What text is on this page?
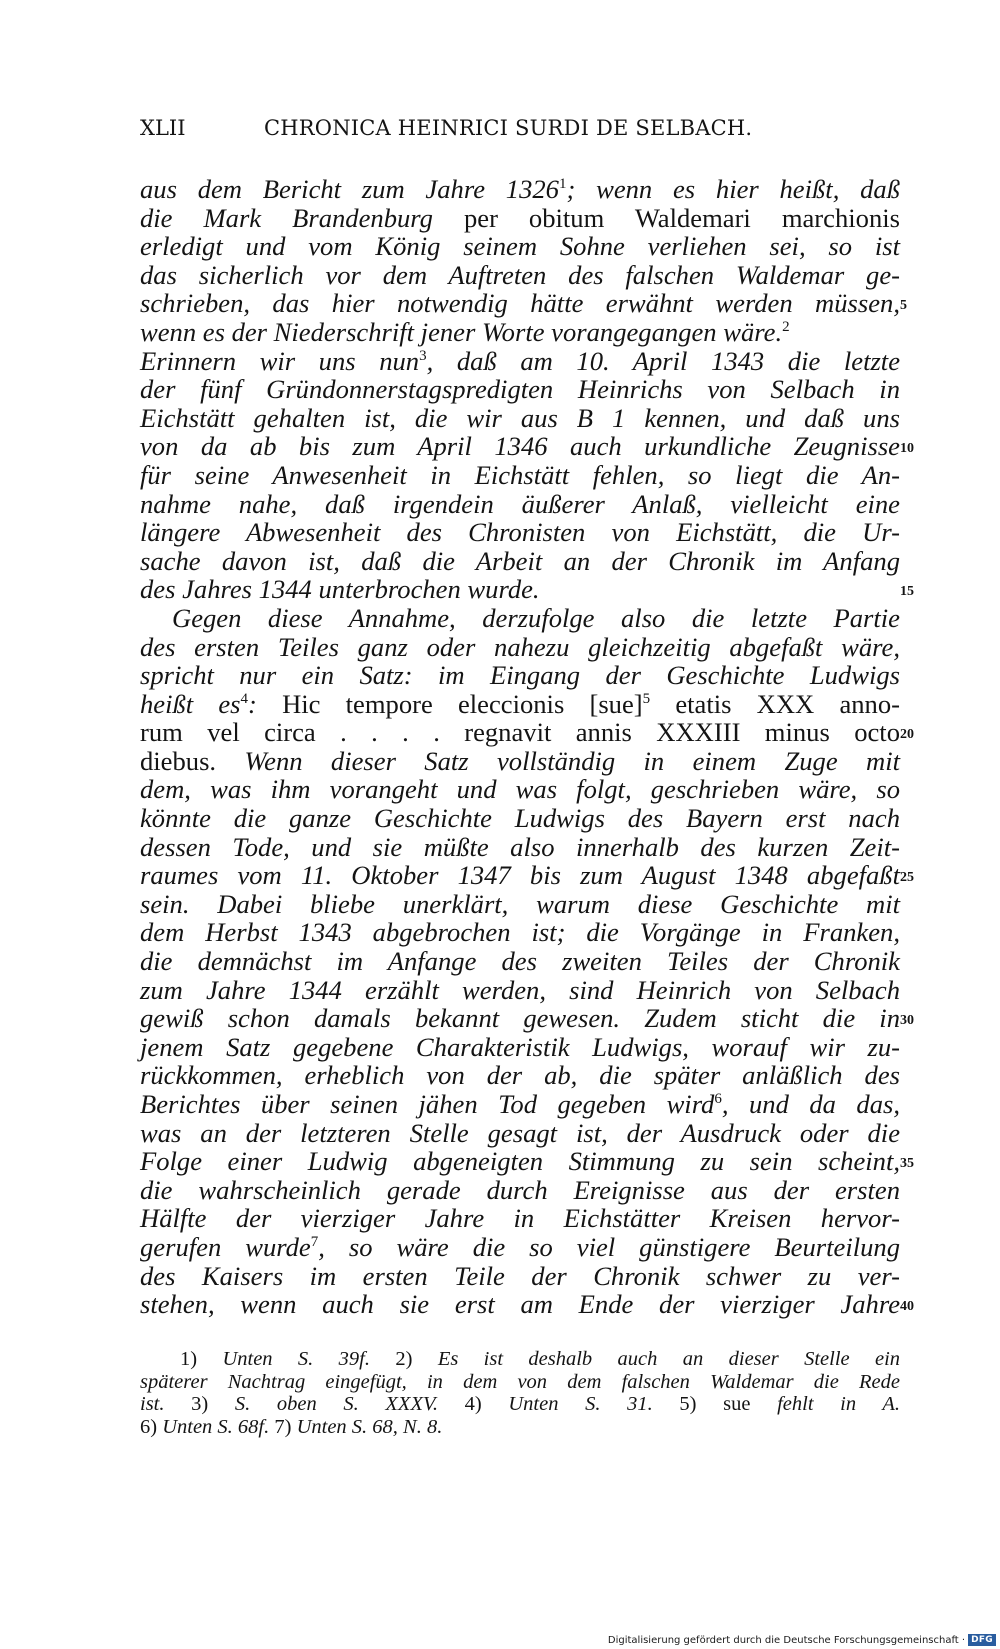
XLII	CHRONICA HEINRICI SURDI DE SELBACH.
aus dem Bericht zum Jahre 1326$^1$; wenn es hier heißt, daß
die Mark Brandenburg per obitum Waldemari marchionis
erledigt und vom König seinem Sohne verliehen sei, so ist
das sicherlich vor dem Auftreten des falschen Waldemar ge-
schrieben, das hier notwendig hätte erwähnt werden müssen,
wenn es der Niederschrift jener Worte vorangegangen wäre.$^2$
Erinnern wir uns nun$^3$, daß am 10. April 1343 die letzte
der fünf Gründonnerstagspredigten Heinrichs von Selbach in
Eichstätt gehalten ist, die wir aus B 1 kennen, und daß uns
von da ab bis zum April 1346 auch urkundliche Zeugnisse
für seine Anwesenheit in Eichstätt fehlen, so liegt die An-
nahme nahe, daß irgendein äußerer Anlaß, vielleicht eine
längere Abwesenheit des Chronisten von Eichstätt, die Ur-
sache davon ist, daß die Arbeit an der Chronik im Anfang
des Jahres 1344 unterbrochen wurde.
Gegen diese Annahme, derzufolge also die letzte Partie
des ersten Teiles ganz oder nahezu gleichzeitig abgefaßt wäre,
spricht nur ein Satz: im Eingang der Geschichte Ludwigs
heißt $es^4$: Hic tempore eleccionis [sue]$^5$ etatis XXX anno-
rum vel circa . . . . regnavit annis XXXIII minus octo
diebus. Wenn dieser Satz vollständig in einem Zuge mit
dem, was ihm vorangeht und was folgt, geschrieben wäre, so
könnte die ganze Geschichte Ludwigs des Bayern erst nach
dessen Tode, und sie müßte also innerhalb des kurzen Zeit-
raumes vom 11. Oktober 1347 bis zum August 1348 abgefaßt
sein. Dabei bliebe unerklärt, warum diese Geschichte mit
dem Herbst 1343 abgebrochen ist; die Vorgänge in Franken,
die demnächst im Anfange des zweiten Teiles der Chronik
zum Jahre 1344 erzählt werden, sind Heinrich von Selbach
gewiß schon damals bekannt gewesen. Zudem sticht die in
jenem Satz gegebene Charakteristik Ludwigs, worauf wir zu-
rückkommen, erheblich von der ab, die später anläßlich des
Berichtes über seinen jähen Tod gegeben wird$^6$, und da das,
was an der letzteren Stelle gesagt ist, der Ausdruck oder die
Folge einer Ludwig abgeneigten Stimmung zu sein scheint,
die wahrscheinlich gerade durch Ereignisse aus der ersten
Hälfte der vierziger Jahre in Eichstätter Kreisen hervor-
gerufen wurde$^7$, so wäre die so viel günstigere Beurteilung
des Kaisers im ersten Teile der Chronik schwer zu ver-
stehen, wenn auch sie erst am Ende der vierziger Jahre
5
10
15
20
25
30
35
40
1) Unten S. 39f. 2) Es ist deshalb auch an dieser Stelle ein
späterer Nachtrag eingefügt, in dem von dem falschen Waldemar die Rede
ist. 3) S. oben S. XXXV. 4) Unten S. 31. 5) sue fehlt in A.
6) Unten S. 68f. 7) Unten S. 68, N. 8.
Digitalisierung gefördert durch die Deutsche Forschungsgemeinschaft · DFG
